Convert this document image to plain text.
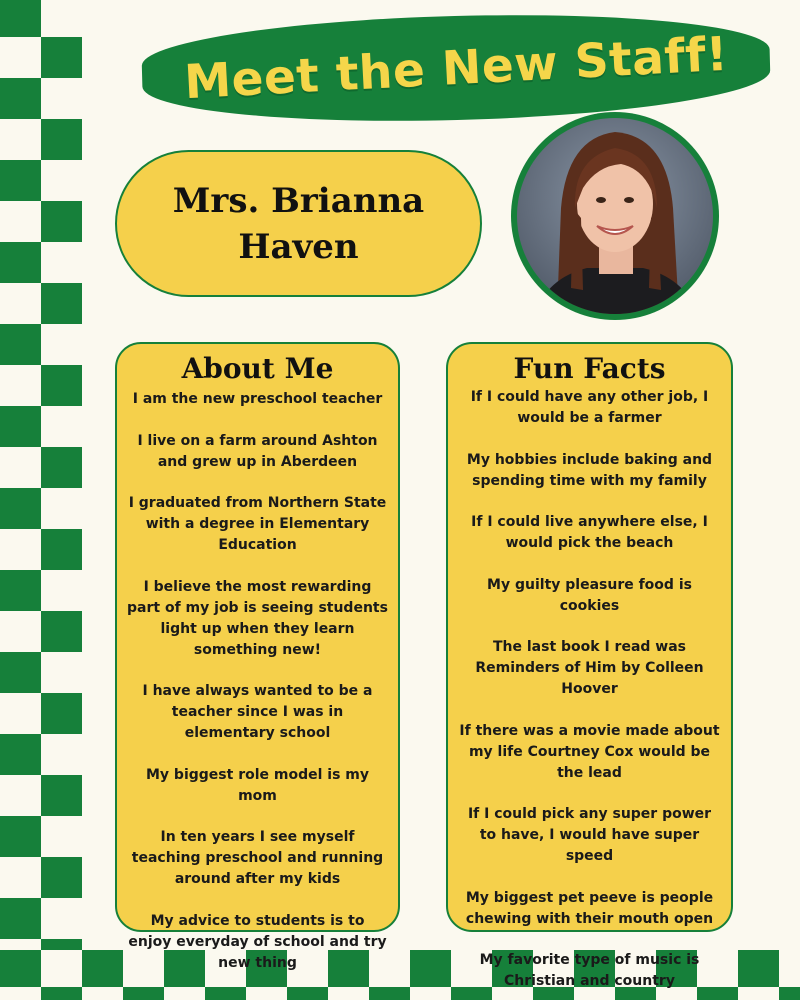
Meet the New Staff!
Mrs. Brianna Haven
About Me
I am the new preschool teacher
I live on a farm around Ashton and grew up in Aberdeen
I graduated from Northern State with a degree in Elementary Education
I believe the most rewarding part of my job is seeing students light up when they learn something new!
I have always wanted to be a teacher since I was in elementary school
My biggest role model is my mom
In ten years I see myself teaching preschool and running around after my kids
My advice to students is to enjoy everyday of school and try new thing
Fun Facts
If I could have any other job, I would be a farmer
My hobbies include baking and spending time with my family
If I could live anywhere else, I would pick the beach
My guilty pleasure food is cookies
The last book I read was Reminders of Him by Colleen Hoover
If there was a movie made about my life Courtney Cox would be the lead
If I could pick any super power to have, I would have super speed
My biggest pet peeve is people chewing with their mouth open
My favorite type of music is Christian and country
